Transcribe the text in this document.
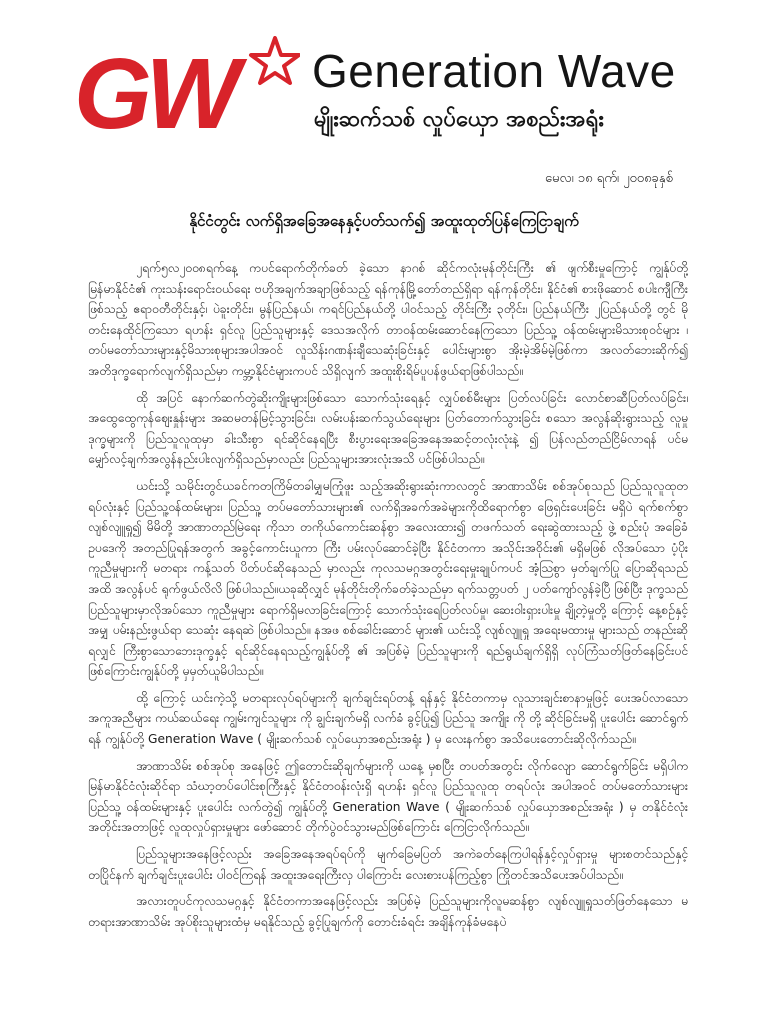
GW Generation Wave
မျိုးဆက်သစ် လှုပ်ယှော အစည်းအရုံး
မေလ၊ ၁၈ ရက်၊ ၂၀၀၈ခုနှစ်
နိုင်ငံတွင်း လက်ရှိအခြေအနေနှင့်ပတ်သက်၍ အထူးထုတ်ပြန်ကြေငြာချက်

၂ရက်၅လ၂၀၀၈ရက်နေ့ ကပင်ရောက်တိုက်ခတ် ခဲ့သော နာဂစ် ဆိုင်ကလုံးမုန်တိုင်းကြီး ၏ ဖျက်စီးမှုကြောင့် ကျွန်ုပ်တို့ မြန်မာနိုင်ငံ၏ ကုးသန်းရောင်းဝယ်ရေး ဗဟိုအချက်အချာဖြစ်သည့် ရန်ကုန်မြို့တော်တည်ရှိရာ ရန်ကုန်တိုင်း၊ နိုင်ငံ၏ စားဖိုဆောင် စပါးကျီကြီး ဖြစ်သည့် ဧရာဝတီတိုင်းနှင့်၊ ပဲခူးတိုင်း၊ မွန်ပြည်နယ်၊ ကရင်ပြည်နယ်တို့ ပါဝင်သည့် တိုင်းကြီး ၃တိုင်း၊ ပြည်နယ်ကြီး ၂ပြည်နယ်တို့ တွင် မိုတင်းနေထိုင်ကြသော ရဟန်း ရှင်လူ ပြည်သူများနှင့် ဒေသအလိုက် တာဝန်ထမ်းဆောင်နေကြသော ပြည်သူ့ ဝန်ထမ်းများမိသားစုဝင်များ ၊ တပ်မတော်သားများနှင့်မိသားစုများအပါအဝင် လူသိန်းဂဏန်းချီသေဆုံးခြင်းနှင့် ပေါင်းများစွာ အိုးမဲ့အိမ်မဲ့ဖြစ်ကာ အလတ်ဘေးဆိုက်၍ အတိဒုက္ခရောက်လျက်ရှိသည်မှာ ကမ္ဘာ့နိုင်ငံများကပင် သိရှိလျက် အထူးစိုးရိမ်ပူပန်ဖွယ်ရာဖြစ်ပါသည်။

ထို အပြင် နောက်ဆက်တွဲဆိုးကျိုးများဖြစ်သော သောက်သုံးရေနှင့် လျှပ်စစ်မီးများ ပြတ်လပ်ခြင်း လောင်စာဆီပြတ်လပ်ခြင်း၊ အထွေထွေကုန်ဈေးနှုန်းများ အဆမတန်မြင့်သွားခြင်း၊ လမ်းပန်းဆက်သွယ်ရေးများ ပြတ်တောက်သွားခြင်း စသော အလွန်ဆိုးရွားသည့် လူမှုဒုက္ခများကို ပြည်သူလူထုမှာ ခါးသီးစွာ ရင်ဆိုင်နေရပြီး စီးပွားရေးအခြေအနေအဆင့်တလုံးလုံးနဲ့ ၍ ပြန်လည်တည်ငြိမ်လာရန် ပင်မမျှော်လင့်ချက်အလွန်နည်းပါးလျက်ရှိသည်မှာလည်း ပြည်သူများအားလုံးအသိ ပင်ဖြစ်ပါသည်။

ယင်းသို့ သမိုင်းတွင်ယခင်ကတကြိမ်တခါမျှမကြုံဖူး သည့်အဆိုးရွားဆုံးကာလတွင် အာဏာသိမ်း စစ်အုပ်စုသည် ပြည်သူလူထုတရပ်လုံးနှင့် ပြည်သူ့ဝန်ထမ်းများ၊ ပြည်သူ့ တပ်မတော်သားများ၏ လက်ရှိအခက်အခဲများကိုထိရောက်စွာ ဖြေရှင်းပေးခြင်း မရှိပဲ ရက်စက်စွာ လျစ်လျူရှု၍ မိမိတို့ အာဏာတည်မြဲရေး ကိုသာ တကိုယ်ကောင်းဆန်စွာ အလေးထား၍ တဖက်သတ် ရေးဆွဲထားသည့် ဖွဲ့ စည်းပုံ အခြေခံဥပဒေကို အတည်ပြုရန်အတွက် အခွင့်ကောင်းယူကာ ကြီး ပမ်းလုပ်ဆောင်ခဲ့ပြီး နိုင်ငံတကာ အသိုင်းအဝိုင်း၏ မရှိမဖြစ် လိုအပ်သော ပံ့ပိုးကူညီမှုများကို မတရား ကန့်သတ် ပိတ်ပင်ဆိုနေသည် မှာလည်း ကုလသမဂ္ဂအတွင်းရေးမှုးချုပ်ကပင် အံ့သြစွာ မှတ်ချက်ပြု ပြောဆိုရသည်အထိ အလွန်ပင် ရုက်ဖွယ်လိလိ ဖြစ်ပါသည်။ယခုဆိုလျှင် မုန်တိုင်းတိုက်ခတ်ခဲ့သည်မှာ ရက်သတ္တပတ် ၂ ပတ်ကျော်လွန်ခဲ့ပြီ ဖြစ်ပြီး ဒုက္ခသည်ပြည်သူများမှာလိုအပ်သော ကူညီမှုများ ရောက်ရှိမလာခြင်းကြောင့် သောက်သုံးရေပြတ်လပ်မှု၊ ဆေးဝါးရှားပါးမှု ချို့တဲ့မှုတို့ ကြောင့် နေ့စဉ်နှင့်အမျှ ပမ်းနည်းဖွယ်ရာ သေဆုံး နေရဆဲ ဖြစ်ပါသည်။ နအဖ စစ်ခေါင်းဆောင် များ၏ ယင်းသို့ လျစ်လျူရှု အရေးမထားမှု များသည် တနည်းဆိုရလျှင် ကြီးစွာသောဘေးဒုက္ခနှင့် ရင်ဆိုင်နေရသည့်ကျွန်ုပ်တို့ ၏ အပြစ်မဲ့ ပြည်သူများကို ရည်ရွယ်ချက်ရှိရှိ လုပ်ကြံသတ်ဖြတ်နေခြင်းပင်ဖြစ်ကြောင်းကျွန်ုပ်တို့ မှမှတ်ယူမိပါသည်။

ထို့ ကြောင့် ယင်းကဲ့သို့ မတရားလုပ်ရပ်များကို ချက်ချင်းရပ်တန့် ရန်နှင့် နိုင်ငံတကာမှ လူသားချင်းစာနာမှုဖြင့် ပေးအပ်လာသော အကူအညီများ ကယ်ဆယ်ရေး ကျွမ်းကျင်သူများ ကို ချွင်းချက်မရှိ လက်ခံ ခွင့်ပြု၍ ပြည်သူ အကျိုး ကို တို့ ဆိုင်ခြင်းမရှိ ပူးပေါင်း ဆောင်ရွက်ရန် ကျွန်ုပ်တို့ Generation Wave ( မျိုးဆက်သစ် လှုပ်ယှောအစည်းအရုံး ) မှ လေးနက်စွာ အသိပေးတောင်းဆိုလိုက်သည်။

အာဏာသိမ်း စစ်အုပ်စု အနေဖြင့် ဤတောင်းဆိုချက်များကို ယနေ့ မှစပြီး တပတ်အတွင်း လိုက်လျော ဆောင်ရွက်ခြင်း မရှိပါက မြန်မာနိုင်ငံလုံးဆိုင်ရာ သံဃာ့တပ်ပေါင်းစုကြီးနှင့် နိုင်ငံတဝန်းလုံးရှိ ရဟန်း ရှင်လူ ပြည်သူလူထု တရပ်လုံး အပါအဝင် တပ်မတော်သားများ ပြည်သူ့ ဝန်ထမ်းများနှင့် ပူးပေါင်း လက်တွဲ၍ ကျွန်ုပ်တို့ Generation Wave ( မျိုးဆက်သစ် လှုပ်ယှောအစည်းအရုံး ) မှ တနိုင်ငံလုံး အတိုင်းအတာဖြင့် လူထုလှုပ်ရှားမှုများ ဖော်ဆောင် တိုက်ပွဲဝင်သွားမည်ဖြစ်ကြောင်း ကြေငြာလိုက်သည်။

ပြည်သူများအနေဖြင့်လည်း အခြေအနေအရပ်ရပ်ကို မျက်ခြေမပြတ် အကဲခတ်နေကြပါရန်နှင့်လှုပ်ရှားမှု များစတင်သည်နှင့် တပြိုင်နက် ချက်ချင်းပူးပေါင်း ပါဝင်ကြရန် အထူးအရေးကြီးလှ ပါကြောင်း လေးစားပန်ကြည့်စွာ ကြိုတင်အသိပေးအပ်ပါသည်။

အလားတူပင်ကုလသမဂ္ဂနှင့် နိုင်ငံတကာအနေဖြင့်လည်း အပြစ်မဲ့ ပြည်သူများကိုလူမဆန်စွာ လျစ်လျူရှုသတ်ဖြတ်နေသော မတရားအာဏာသိမ်း အုပ်စိုးသူများထံမှ မရနိုင်သည့် ခွင့်ပြုချက်ကို တောင်းခံရင်း အချိန်ကုန်ခံမနေပဲ
